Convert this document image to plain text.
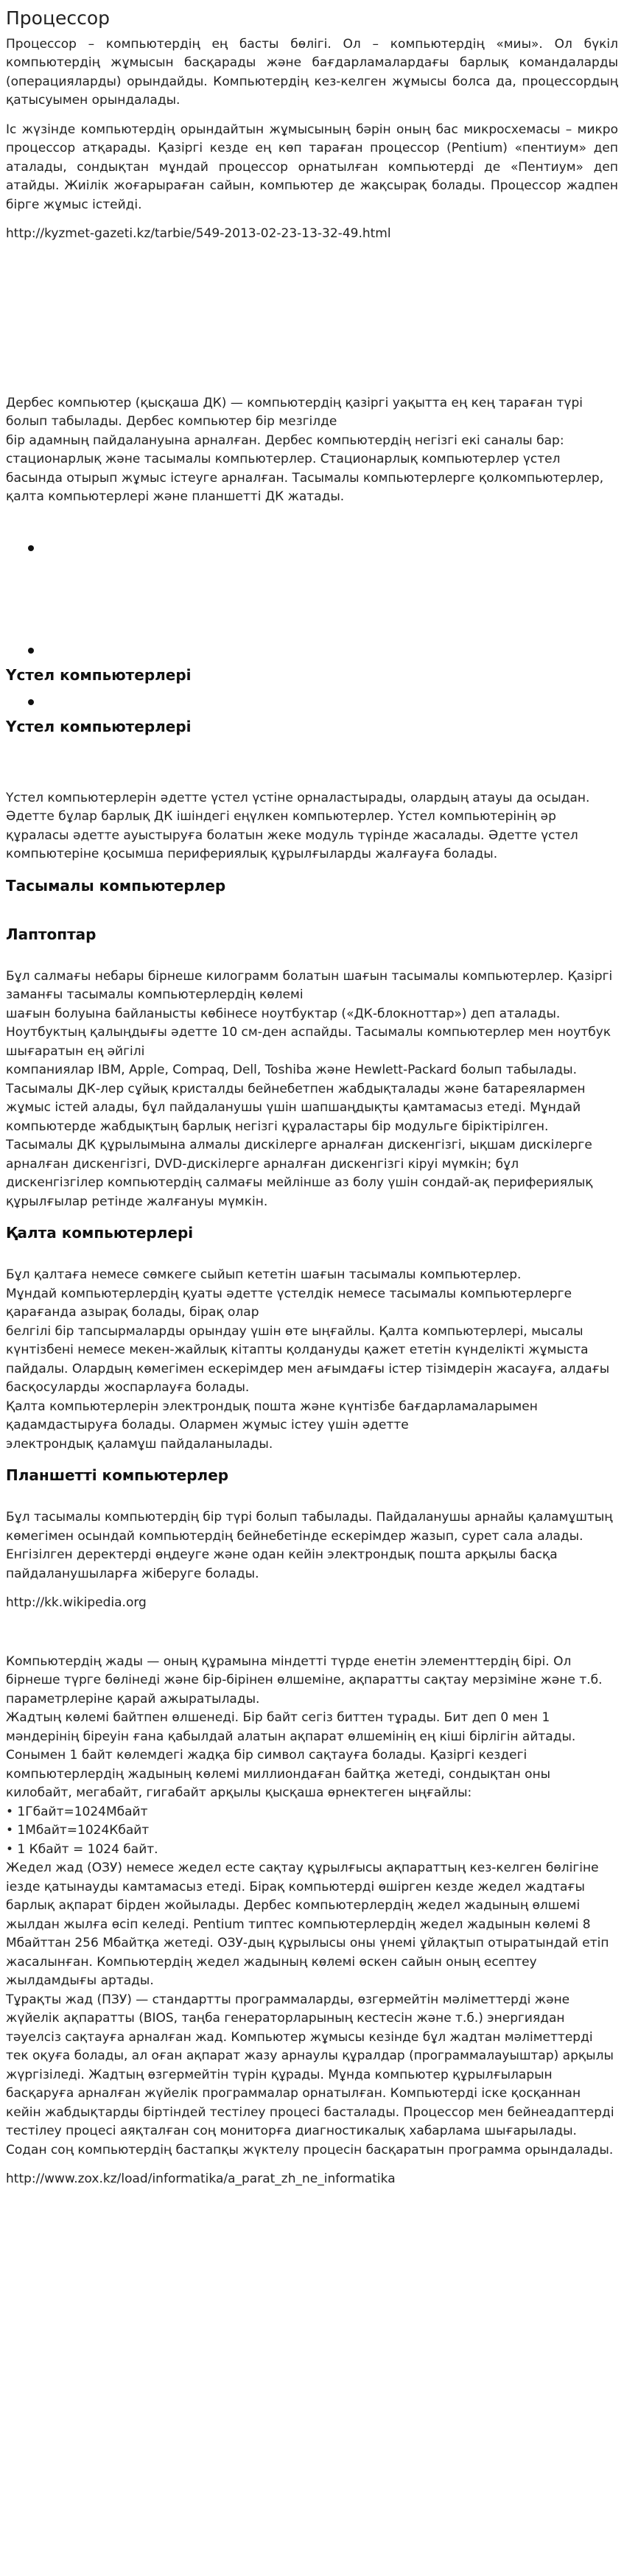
Процессор

Процессор – компьютердің ең басты бөлігі. Ол – компьютердің «миы». Ол бүкіл компьютердің жұмысын басқарады және бағдарламалардағы барлық командаларды (операцияларды) орындайды. Компьютердің кез-келген жұмысы болса да, процессордың қатысуымен орындалады.

Іс жүзінде компьютердің орындайтын жұмысының бәрін оның бас микросхемасы – микро процессор атқарады. Қазіргі кезде ең көп тараған процессор (Pentium) «пентиум» деп аталады, сондықтан мұндай процессор орнатылған компьютерді де «Пентиум» деп атайды. Жиілік жоғарыраған сайын, компьютер де жақсырақ болады. Процессор жадпен бірге жұмыс істейді.

http://kyzmet-gazeti.kz/tarbie/549-2013-02-23-13-32-49.html

Дербес компьютер (қысқаша ДК) — компьютердің қазіргі уақытта ең кең тараған түрі болып табылады. Дербес компьютер бір мезгілде
бір адамның пайдалануына арналған. Дербес компьютердің негізгі екі саналы бар: стационарлық және тасымалы компьютерлер. Стационарлық компьютерлер үстел басында отырып жұмыс істеуге арналған. Тасымалы компьютерлерге қолкомпьютерлер, қалта компьютерлері және планшетті ДК жатады.

Үстел компьютерлері
Үстел компьютерлері

Үстел компьютерлерін әдетте үстел үстіне орналастырады, олардың атауы да осыдан. Әдетте бұлар барлық ДК ішіндегі еңүлкен компьютерлер. Үстел компьютерінің әр құраласы әдетте ауыстыруға болатын жеке модуль түрінде жасалады. Әдетте үстел компьютеріне қосымша перифериялық құрылғыларды жалғауға болады.

Тасымалы компьютерлер
Лаптоптар

Бұл салмағы небары бірнеше килограмм болатын шағын тасымалы компьютерлер. Қазіргі заманғы тасымалы компьютерлердің көлемі
шағын болуына байланысты көбінесе ноутбуктар («ДК-блокноттар») деп аталады. Ноутбуктың қалыңдығы әдетте 10 см-ден аспайды. Тасымалы компьютерлер мен ноутбук шығаратын ең әйгілі
компаниялар IBM, Apple, Compaq, Dell, Toshiba және Hewlett-Packard болып табылады. Тасымалы ДК-лер сұйық кристалды бейнебетпен жабдықталады және батареялармен жұмыс істей алады, бұл пайдаланушы үшін шапшаңдықты қамтамасыз етеді. Мұндай компьютерде жабдықтың барлық негізгі құраластары бір модульге біріктірілген. Тасымалы ДК құрылымына алмалы дискілерге арналған дискенгізгі, ықшам дискілерге арналған дискенгізгі, DVD-дискілерге арналған дискенгізгі кіруі мүмкін; бұл дискенгізгілер компьютердің салмағы мейлінше аз болу үшін сондай-ақ перифериялық құрылғылар ретінде жалғануы мүмкін.

Қалта компьютерлері

Бұл қалтаға немесе сөмкеге сыйып кететін шағын тасымалы компьютерлер.
Мұндай компьютерлердің қуаты әдетте үстелдік немесе тасымалы компьютерлерге қарағанда азырақ болады, бірақ олар
белгілі бір тапсырмаларды орындау үшін өте ыңғайлы. Қалта компьютерлері, мысалы күнтізбені немесе мекен-жайлық кітапты қолдануды қажет ететін күнделікті жұмыста пайдалы. Олардың көмегімен ескерімдер мен ағымдағы істер тізімдерін жасауға, алдағы басқосуларды жоспарлауға болады.
Қалта компьютерлерін электрондық пошта және күнтізбе бағдарламаларымен қадамдастыруға болады. Олармен жұмыс істеу үшін әдетте
электрондық қаламұш пайдаланылады.

Планшетті компьютерлер

Бұл тасымалы компьютердің бір түрі болып табылады. Пайдаланушы арнайы қаламұштың көмегімен осындай компьютердің бейнебетінде ескерімдер жазып, сурет сала алады. Енгізілген деректерді өңдеуге және одан кейін электрондық пошта арқылы басқа пайдаланушыларға жіберуге болады.

http://kk.wikipedia.org

Компьютердің жады — оның құрамына міндетті түрде енетін элементтердің бірі. Ол бірнеше түрге бөлінеді және бір-бірінен өлшеміне, ақпаратты сақтау мерзіміне және т.б. параметрлеріне қарай ажыратылады.
Жадтың көлемі байтпен өлшенеді. Бір байт сегіз биттен тұрады. Бит деп 0 мен 1 мәндерінің біреуін ғана қабылдай алатын ақпарат өлшемінің ең кіші бірлігін айтады. Сонымен 1 байт көлемдегі жадқа бір символ сақтауға болады. Қазіргі кездегі компьютерлердің жадының көлемі миллиондаған байтқа жетеді, сондықтан оны килобайт, мегабайт, гигабайт арқылы қысқаша өрнектеген ыңғайлы:
• 1Гбайт=1024Мбайт
• 1Мбайт=1024Кбайт
• 1 Кбайт = 1024 байт.
Жедел жад (ОЗУ) немесе жедел есте сақтау құрылғысы ақпараттың кез-келген бөлігіне іезде қатынауды камтамасыз етеді. Бірақ компьютерді өшірген кезде жедел жадтағы барлық ақпарат бірден жойылады. Дербес компьютерлердің жедел жадының өлшемі жылдан жылға өсіп келеді. Pentium типтес компьютерлердің жедел жадынын көлемі 8 Мбайттан 256 Мбайтқа жетеді. ОЗУ-дың құрылысы оны үнемі ұйлақтып отыратындай етіп жасалынған. Компьютердің жедел жадының көлемі өскен сайын оның есептеу жылдамдығы артады.
Тұрақты жад (ПЗУ) — стандартты программаларды, өзгермейтін мәліметтерді және жүйелік ақпаратты (BIOS, таңба генераторларының кестесін және т.б.) энергиядан тәуелсіз сақтауға арналған жад. Компьютер жұмысы кезінде бұл жадтан мәліметтерді тек оқуға болады, ал оған ақпарат жазу арнаулы құралдар (программалауыштар) арқылы жүргізіледі. Жадтың өзгермейтін түрін құрады. Мұнда компьютер құрылғыларын басқаруға арналған жүйелік программалар орнатылған. Компьютерді іске қосқаннан кейін жабдықтарды біртіндей тестілеу процесі басталады. Процессор мен бейнеадаптерді тестілеу процесі аяқталған соң мониторға диагностикалық хабарлама шығарылады. Содан соң компьютердің бастапқы жүктелу процесін басқаратын программа орындалады.

http://www.zox.kz/load/informatika/a_parat_zh_ne_informatika
